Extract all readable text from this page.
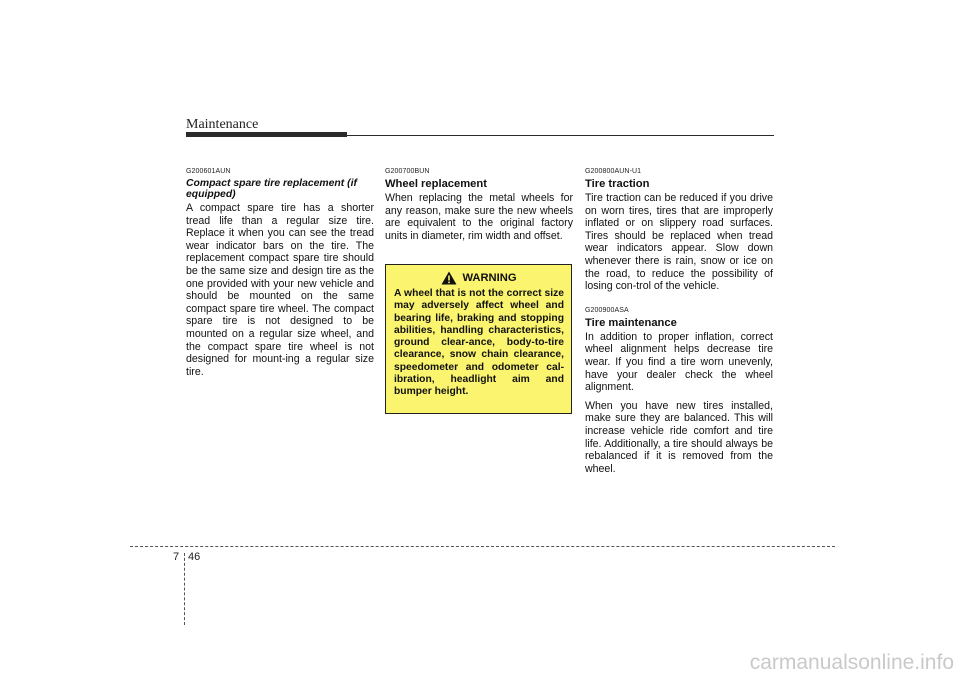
Maintenance

G200601AUN

Compact spare tire replacement (if equipped)

A compact spare tire has a shorter tread life than a regular size tire. Replace it when you can see the tread wear indicator bars on the tire. The replacement compact spare tire should be the same size and design tire as the one provided with your new vehicle and should be mounted on the same compact spare tire wheel. The compact spare tire is not designed to be mounted on a regular size wheel, and the compact spare tire wheel is not designed for mount-ing a regular size tire.

G200700BUN

Wheel replacement

When replacing the metal wheels for any reason, make sure the new wheels are equivalent to the original factory units in diameter, rim width and offset.

WARNING

A wheel that is not the correct size may adversely affect wheel and bearing life, braking and stopping abilities, handling characteristics, ground clear-ance, body-to-tire clearance, snow chain clearance, speedometer and odometer cal-ibration, headlight aim and bumper height.

G200800AUN-U1

Tire traction

Tire traction can be reduced if you drive on worn tires, tires that are improperly inflated or on slippery road surfaces. Tires should be replaced when tread wear indicators appear. Slow down whenever there is rain, snow or ice on the road, to reduce the possibility of losing con-trol of the vehicle.

G200900ASA

Tire maintenance

In addition to proper inflation, correct wheel alignment helps decrease tire wear. If you find a tire worn unevenly, have your dealer check the wheel alignment.

When you have new tires installed, make sure they are balanced. This will increase vehicle ride comfort and tire life. Additionally, a tire should always be rebalanced if it is removed from the wheel.

7 46
carmanualsonline.info
